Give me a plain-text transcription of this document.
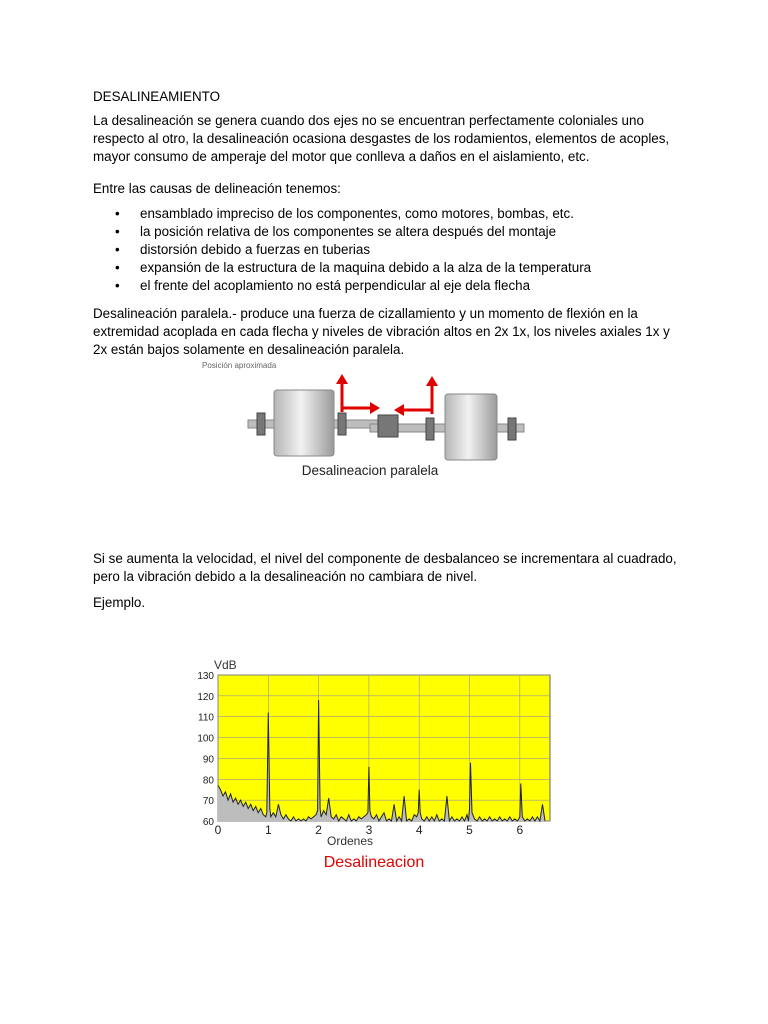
DESALINEAMIENTO
La desalineación se genera cuando dos ejes no se encuentran perfectamente coloniales uno respecto al otro, la desalineación ocasiona desgastes de los rodamientos, elementos de acoples, mayor consumo de amperaje del motor que conlleva a daños en el aislamiento, etc.
Entre las causas de delineación tenemos:
• ensamblado impreciso de los componentes, como motores, bombas, etc.
• la posición relativa de los componentes se altera después del montaje
• distorsión debido a fuerzas en tuberias
• expansión de la estructura de la maquina debido a la alza de la temperatura
• el frente del acoplamiento no está perpendicular al eje dela flecha
Desalineación paralela.- produce una fuerza de cizallamiento y un momento de flexión en la extremidad acoplada en cada flecha y niveles de vibración altos en 2x 1x, los niveles axiales 1x y 2x están bajos solamente en desalineación paralela.
Posición aproximada
Desalineacion paralela
Si se aumenta la velocidad, el nivel del componente de desbalanceo se incrementara al cuadrado, pero la vibración debido a la desalineación no cambiara de nivel.
Ejemplo.
60
70
80
90
100
110
120
130
0	1	2	3	4	5	6
VdB
Ordenes
Desalineacion
